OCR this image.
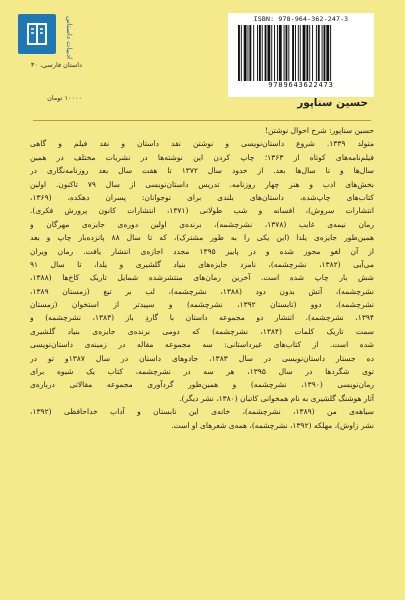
ادبیات داستانی
داستان فارسی، ۳۰
۱۰۰۰۰ تومان
ISBN: 978-964-362-247-3
9789643622473
حسین سناپور
حسین سناپور: شرح احوال نوشتن!
متولد ۱۳۳۹. شروع داستان‌نویسی و نوشتن نقد داستان و نقد فیلم و گاهی
فیلم‌نامه‌های کوتاه از ۱۳۶۳؛ چاپ کردن این نوشته‌ها در نشریات مختلف در همین
سال‌ها و تا سال‌ها بعد. از حدود سال ۱۳۷۲ تا هفت سال بعد روزنامه‌نگاری در
بخش‌های ادب و هنر چهار روزنامه. تدریس داستان‌نویسی از سال ۷۹ تاکنون. اولین
کتاب‌های چاپ‌شده، داستان‌های بلندی برای نوجوانان: پسران دهکده، (۱۳۶۹،
انتشارات سروش)، افسانه و شب طولانی (۱۳۷۱، انتشارات کانون پرورش فکری).
رمان نیمه‌ی غایب (۱۳۷۸، نشرچشمه)، برنده‌ی اولین دوره‌ی جایزه‌ی مهرگان و
همین‌طور جایزه‌ی یلدا (این یکی را به طور مشترک)، که تا سال ۸۸ پانزده‌بار چاپ و بعد
از آن لغو مجوز شده و در پاییز ۱۳۹۵ مجدد اجازه‌ی انتشار یافت. رمان ویران
می‌آیی (۱۳۸۲، نشرچشمه)، نامزد جایزه‌های بنیاد گلشیری و یلدا، تا سال ۹۱
شش بار چاپ شده است. آخرین رمان‌های منتشرشده شمایل تاریک کاخ‌ها (۱۳۸۸،
نشرچشمه)، آتش بدون دود (۱۳۸۸، نشرچشمه)، لب بر تیغ (زمستان ۱۳۸۹،
نشرچشمه)، دوو (تابستان ۱۳۹۲، نشرچشمه) و سپیدتر از استخوان (زمستان
۱۳۹۴، نشرچشمه). انتشار دو مجموعه داستان با گاردِ باز (۱۳۸۳، نشرچشمه) و
سمت تاریک کلمات (۱۳۸۴، نشرچشمه) که دومی برنده‌ی جایزه‌ی بنیاد گلشیری
شده است. از کتاب‌های غیرداستانی: سه مجموعه مقاله در زمینه‌ی داستان‌نویسی
ده جستار داستان‌نویسی در سال ۱۳۸۳، جادوهای داستان در سال ۱۳۸۷و تو در
توی شگردها در سال ۱۳۹۵، هر سه در نشرچشمه، کتاب یک شیوه برای
رمان‌نویسی (۱۳۹۰، نشرچشمه) و همین‌طور گردآوری مجموعه مقالاتی درباره‌ی
آثار هوشنگ گلشیری به نام همخوانی کاتبان (۱۳۸۰، نشر دیگر).
سیاهه‌ی من (۱۳۸۹، نشرچشمه)، خانه‌ی این تابستان و آداب خداحافظی (۱۳۹۲،
نشر زاوش)، مهلکه (۱۳۹۲، نشرچشمه)، همه‌ی شعرهای او است.
